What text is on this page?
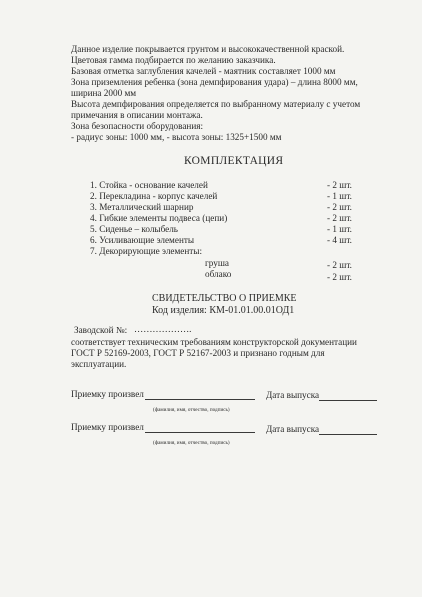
Данное изделие покрывается грунтом и высококачественной краской.
Цветовая гамма подбирается по желанию заказчика.
Базовая отметка заглубления качелей - маятник составляет 1000 мм
Зона приземления ребенка (зона демпфирования удара) – длина 8000 мм,
ширина 2000 мм
Высота демпфирования определяется по выбранному материалу с учетом
примечания в описании монтажа.
Зона безопасности оборудования:
- радиус зоны: 1000 мм, - высота зоны: 1325+1500 мм
КОМПЛЕКТАЦИЯ
1. Стойка - основание качелей	- 2 шт.
2. Перекладина - корпус качелей	- 1 шт.
3. Металлический шарнир	- 2 шт.
4. Гибкие элементы подвеса (цепи)	- 2 шт.
5. Сиденье – колыбель	- 1 шт.
6. Усиливающие элементы	- 4 шт.
7. Декорирующие элементы:
груша	- 2 шт.
облако	- 2 шт.
СВИДЕТЕЛЬСТВО О ПРИЕМКЕ
Код изделия: КМ-01.01.00.01ОД1
Заводской №: ……………….
соответствует техническим требованиям конструкторской документации
ГОСТ Р 52169-2003, ГОСТ Р 52167-2003 и признано годным для
эксплуатации.
Приемку произвел	Дата выпуска
(фамилия, имя, отчество, подпись)
Приемку произвел	Дата выпуска
(фамилия, имя, отчество, подпись)
